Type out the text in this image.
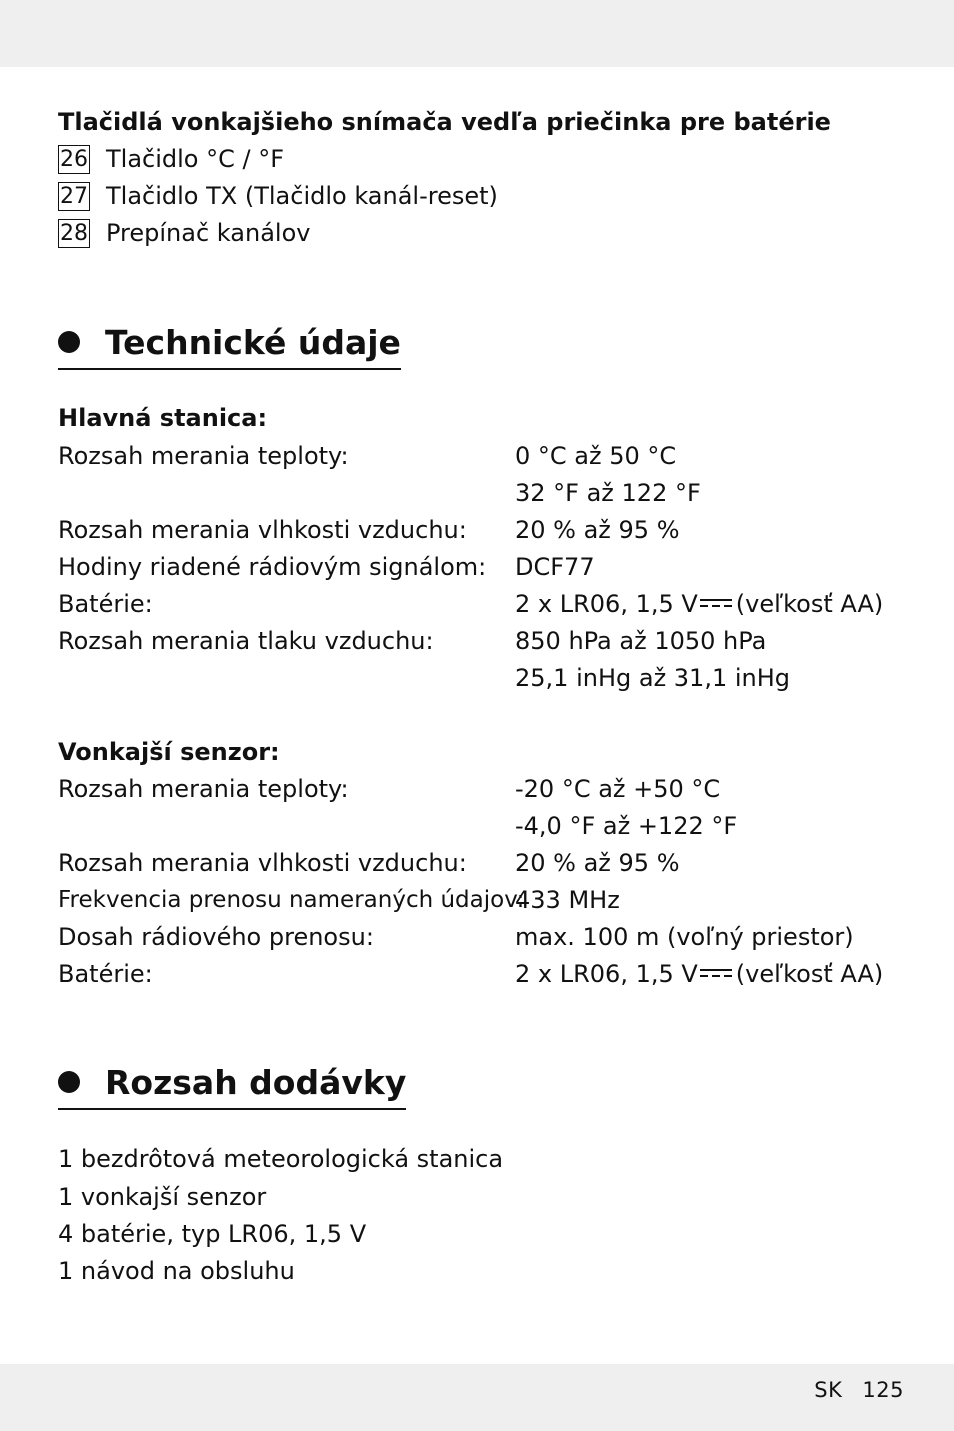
Tlačidlá vonkajšieho snímača vedľa priečinka pre batérie
26 Tlačidlo °C / °F
27 Tlačidlo TX (Tlačidlo kanál-reset)
28 Prepínač kanálov
Technické údaje
Hlavná stanica:
Rozsah merania teploty:	0 °C až 50 °C
32 °F až 122 °F
Rozsah merania vlhkosti vzduchu: 20 % až 95 %
Hodiny riadené rádiovým signálom: DCF77
Batérie:	2 x LR06, 1,5 V (veľkosť AA)
Rozsah merania tlaku vzduchu:	850 hPa až 1050 hPa
25,1 inHg až 31,1 inHg
Vonkajší senzor:
Rozsah merania teploty:	-20 °C až +50 °C
-4,0 °F až +122 °F
Rozsah merania vlhkosti vzduchu: 20 % až 95 %
Frekvencia prenosu nameraných údajov:
433 MHz
Dosah rádiového prenosu:	max. 100 m (voľný priestor)
Batérie:	2 x LR06, 1,5 V (veľkosť AA)
Rozsah dodávky
1 bezdrôtová meteorologická stanica
1 vonkajší senzor
4 batérie, typ LR06, 1,5 V
1 návod na obsluhu
SK 125
